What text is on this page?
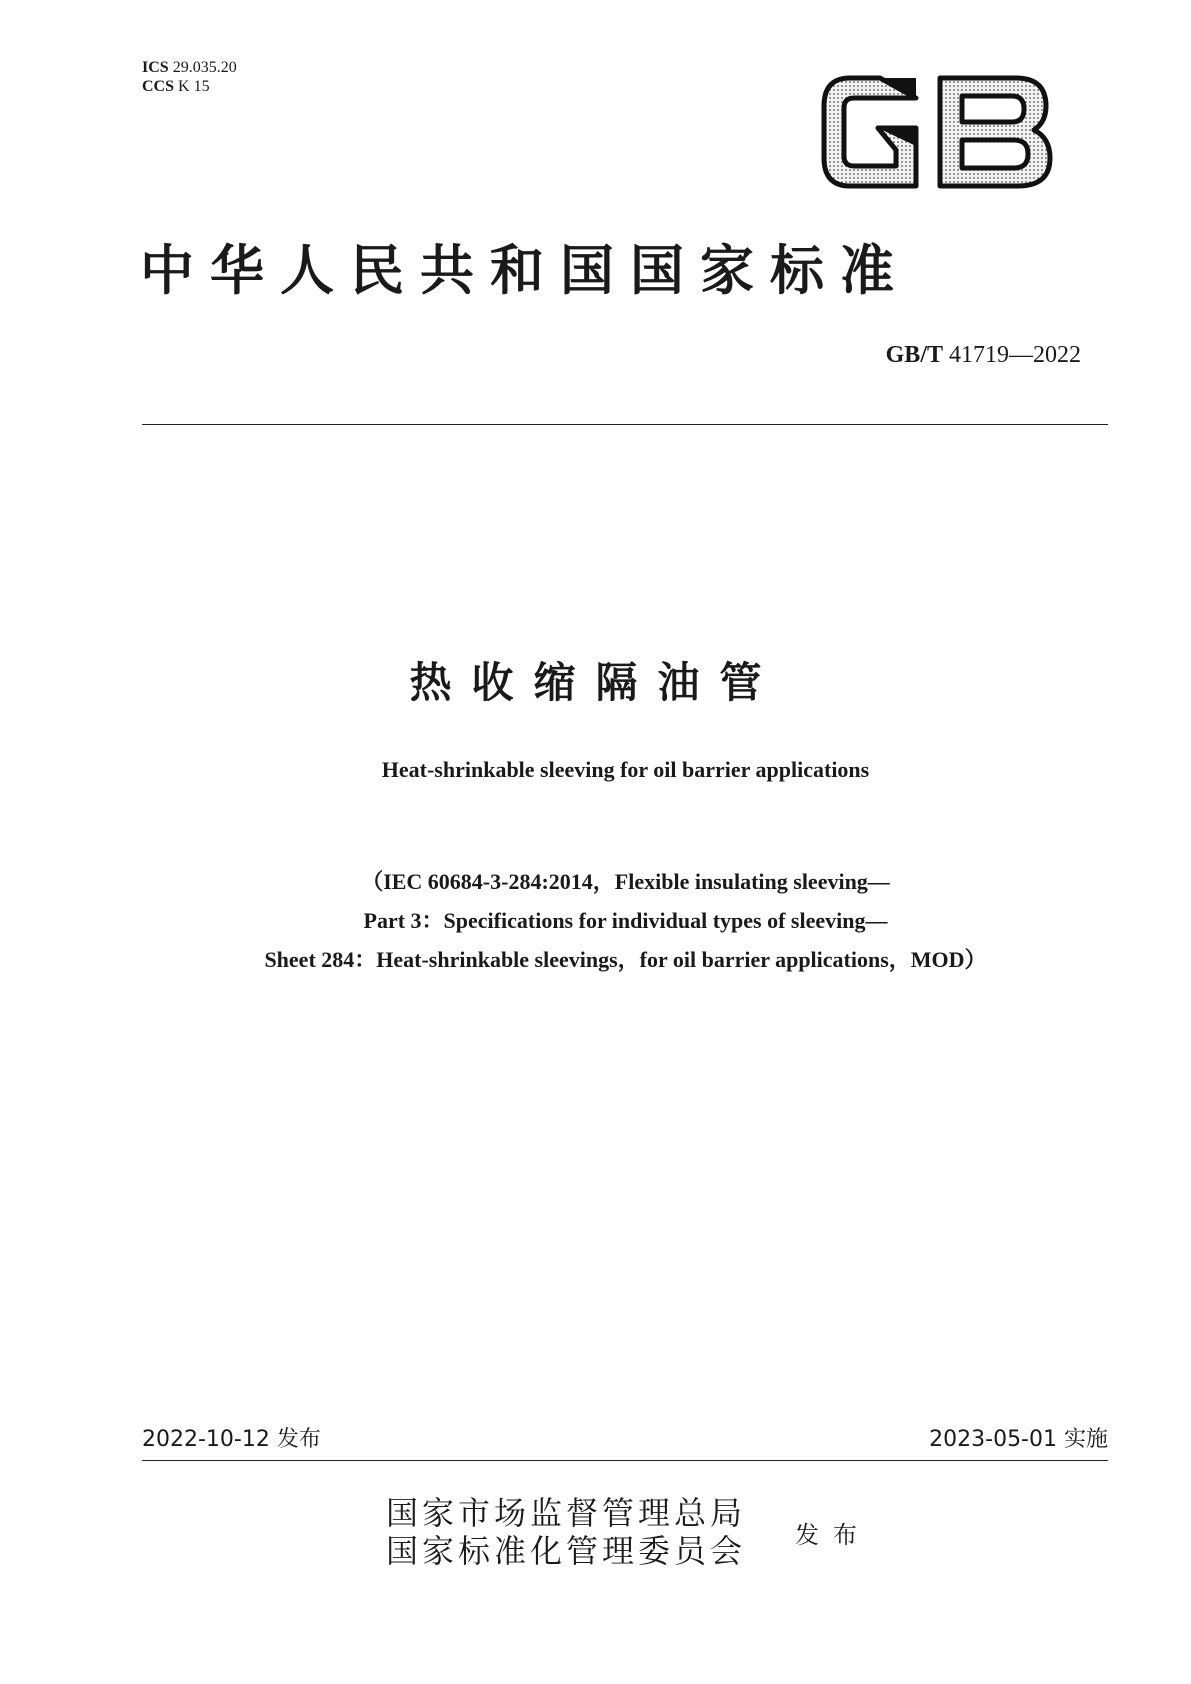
ICS 29.035.20
CCS K 15
中华人民共和国国家标准
GB/T 41719—2022
热收缩隔油管
Heat-shrinkable sleeving for oil barrier applications
（IEC 60684-3-284:2014，Flexible insulating sleeving—
Part 3：Specifications for individual types of sleeving—
Sheet 284：Heat-shrinkable sleevings，for oil barrier applications，MOD）
2022-10-12 发布	2023-05-01 实施
国家市场监督管理总局
国家标准化管理委员会 发布
